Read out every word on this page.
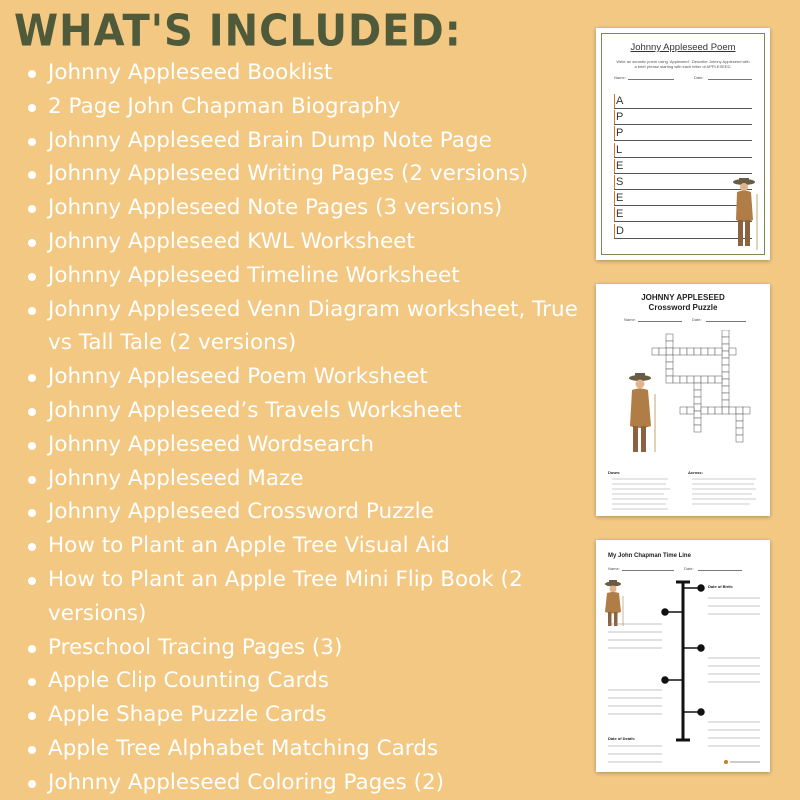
WHAT'S INCLUDED:
Johnny Appleseed Booklist
2 Page John Chapman Biography
Johnny Appleseed Brain Dump Note Page
Johnny Appleseed Writing Pages (2 versions)
Johnny Appleseed Note Pages (3 versions)
Johnny Appleseed KWL Worksheet
Johnny Appleseed Timeline Worksheet
Johnny Appleseed Venn Diagram worksheet, True vs Tall Tale (2 versions)
Johnny Appleseed Poem Worksheet
Johnny Appleseed’s Travels Worksheet
Johnny Appleseed Wordsearch
Johnny Appleseed Maze
Johnny Appleseed Crossword Puzzle
How to Plant an Apple Tree Visual Aid
How to Plant an Apple Tree Mini Flip Book (2 versions)
Preschool Tracing Pages (3)
Apple Clip Counting Cards
Apple Shape Puzzle Cards
Apple Tree Alphabet Matching Cards
Johnny Appleseed Coloring Pages (2)
Johnny Appleseed Poem
Write an acrostic poem using ‘Appleseed’. Describe Johnny Appleseed with a brief phrase starting with each letter of APPLESEED.
Name:	Date:
A
P
P
L
E
S
E
E
D
JOHNNY APPLESEED
Crossword Puzzle
Name:	Date:
Down:	Across:
My John Chapman Time Line
Name:	Date:
Date of Birth:
Date of Death:
